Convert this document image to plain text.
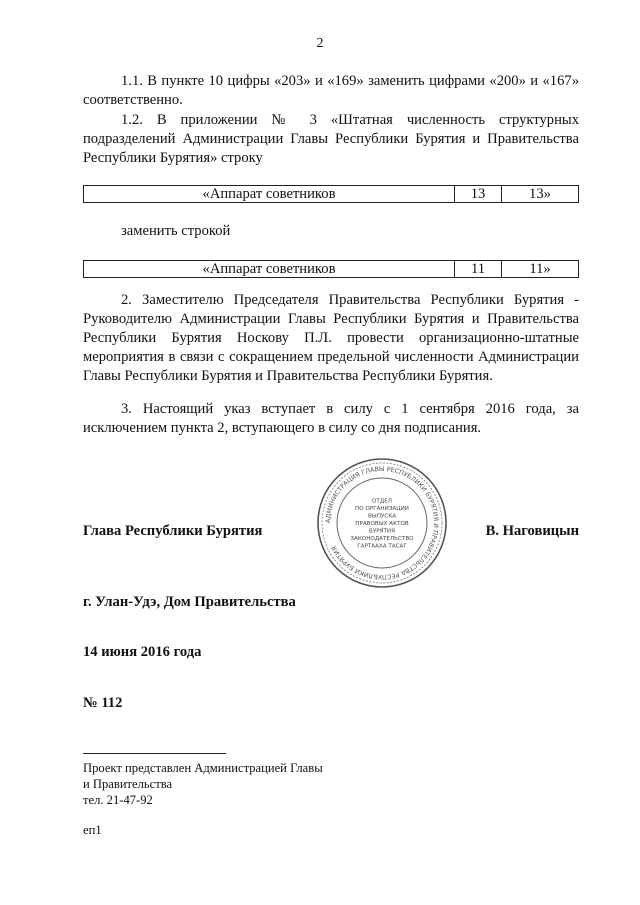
2
1.1. В пункте 10 цифры «203» и «169» заменить цифрами «200» и «167» соответственно.
1.2. В приложении № 3 «Штатная численность структурных подразделений Администрации Главы Республики Бурятия и Правительства Республики Бурятия» строку
«Аппарат советников	13	13»
заменить строкой
«Аппарат советников	11	11»
2. Заместителю Председателя Правительства Республики Бурятия - Руководителю Администрации Главы Республики Бурятия и Правительства Республики Бурятия Носкову П.Л. провести организационно-штатные мероприятия в связи с сокращением предельной численности Администрации Главы Республики Бурятия и Правительства Республики Бурятия.
3. Настоящий указ вступает в силу с 1 сентября 2016 года, за исключением пункта 2, вступающего в силу со дня подписания.
АДМИНИСТРАЦИЯ ГЛАВЫ РЕСПУБЛИКИ БУРЯТИЯ И ПРАВИТЕЛЬСТВА РЕСПУБЛИКИ БУРЯТИЯ
ОТДЕЛ
ПО ОРГАНИЗАЦИИ
ВЫПУСКА
ПРАВОВЫХ АКТОВ
БУРЯТИЯ
ЗАКОНОДАТЕЛЬСТВО
ГАРТААХА ТАСАГ
Глава Республики Бурятия	В. Наговицын
г. Улан-Удэ, Дом Правительства
14 июня 2016 года
№ 112
Проект представлен Администрацией Главы
и Правительства
тел. 21-47-92
еп1
